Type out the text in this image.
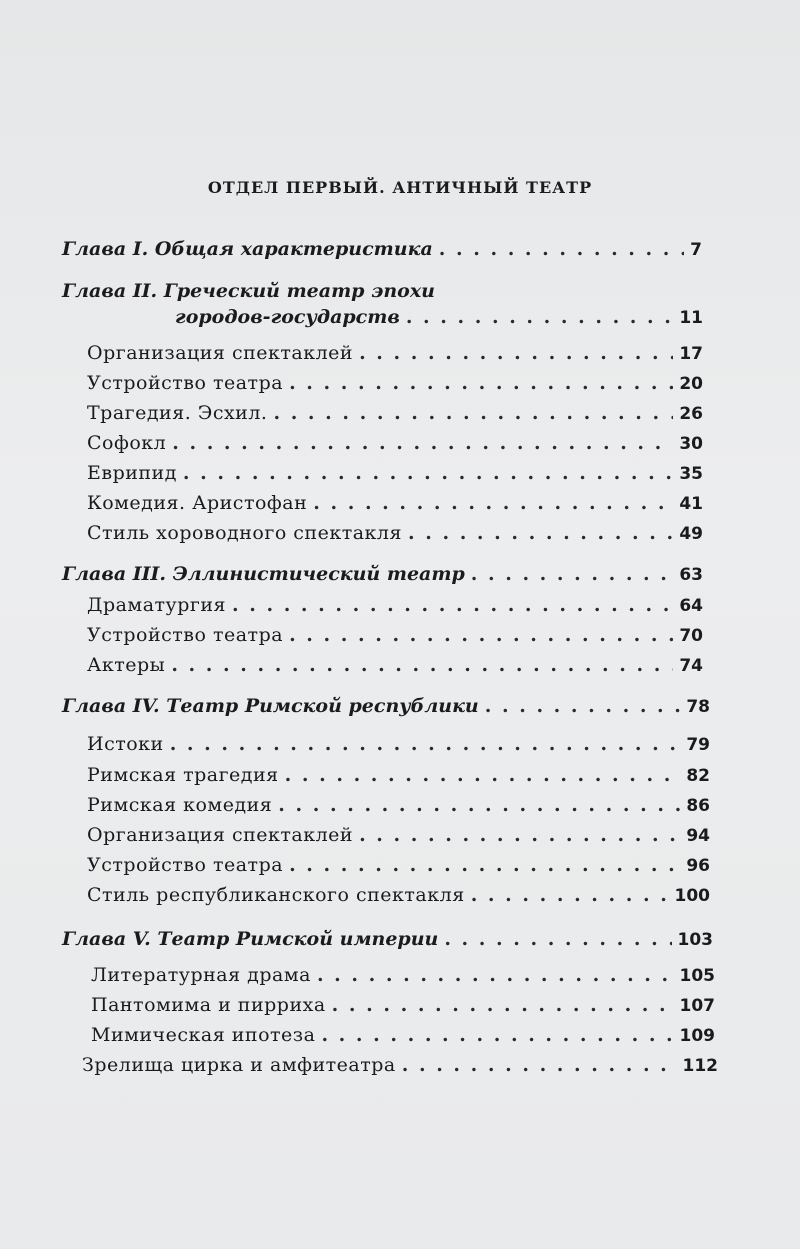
ОТДЕЛ ПЕРВЫЙ. АНТИЧНЫЙ ТЕАТР
Глава I. Общая характеристика . . .	7
Глава II. Греческий театр эпохи
городов-государств . . .	11
Организация спектаклей . . .	17
Устройство театра . . .	20
Трагедия. Эсхил. . . .	26
Софокл . . .	30
Еврипид . . .	35
Комедия. Аристофан . . .	41
Стиль хороводного спектакля . . .	49
Глава III. Эллинистический театр . . .	63
Драматургия . . .	64
Устройство театра . . .	70
Актеры . . .	74
Глава IV. Театр Римской республики . . .	78
Истоки . . .	79
Римская трагедия . . .	82
Римская комедия . . .	86
Организация спектаклей . . .	94
Устройство театра . . .	96
Стиль республиканского спектакля . . .	100
Глава V. Театр Римской империи . . .	103
Литературная драма . . .	105
Пантомима и пирриха . . .	107
Мимическая ипотеза . . .	109
Зрелища цирка и амфитеатра . . .	112
